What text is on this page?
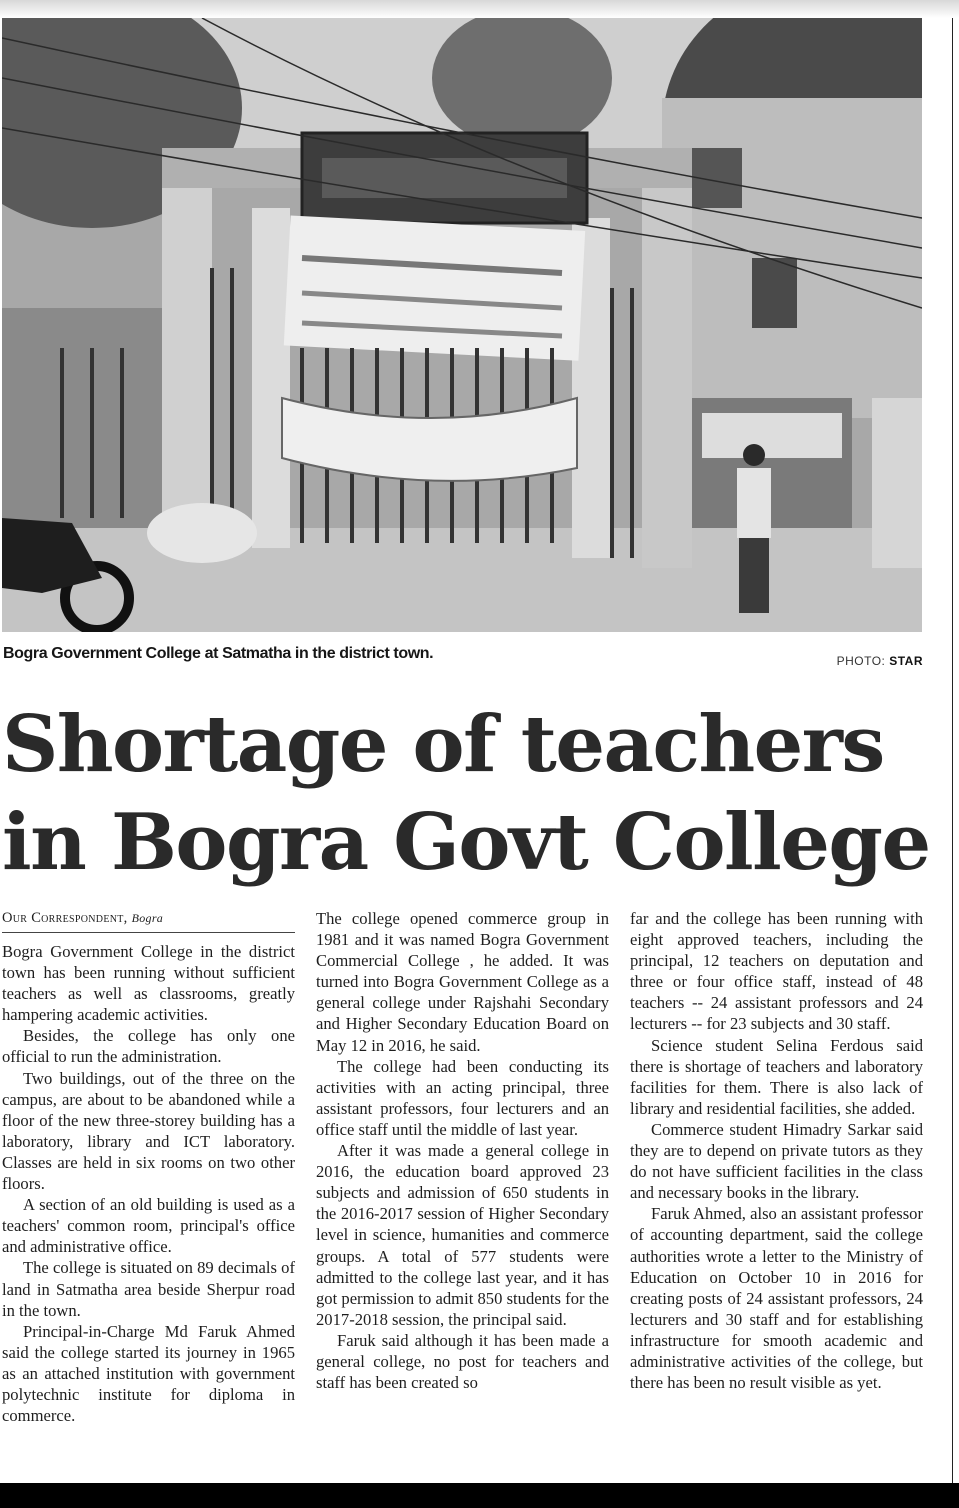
Bogra Government College at Satmatha in the district town.	PHOTO: STAR
Shortage of teachers in Bogra Govt College
Our Correspondent, Bogra

Bogra Government College in the district town has been running without sufficient teachers as well as classrooms, greatly hampering academic activities.

Besides, the college has only one official to run the administration.

Two buildings, out of the three on the campus, are about to be abandoned while a floor of the new three-storey building has a laboratory, library and ICT laboratory. Classes are held in six rooms on two other floors.

A section of an old building is used as a teachers' common room, principal's office and administrative office.

The college is situated on 89 decimals of land in Satmatha area beside Sherpur road in the town.

Principal-in-Charge Md Faruk Ahmed said the college started its journey in 1965 as an attached institution with government polytechnic institute for diploma in commerce.

The college opened commerce group in 1981 and it was named Bogra Government Commercial College , he added. It was turned into Bogra Government College as a general college under Rajshahi Secondary and Higher Secondary Education Board on May 12 in 2016, he said.

The college had been conducting its activities with an acting principal, three assistant professors, four lecturers and an office staff until the middle of last year.

After it was made a general college in 2016, the education board approved 23 subjects and admission of 650 students in the 2016-2017 session of Higher Secondary level in science, humanities and commerce groups. A total of 577 students were admitted to the college last year, and it has got permission to admit 850 students for the 2017-2018 session, the principal said.

Faruk said although it has been made a general college, no post for teachers and staff has been created so

far and the college has been running with eight approved teachers, including the principal, 12 teachers on deputation and three or four office staff, instead of 48 teachers -- 24 assistant professors and 24 lecturers -- for 23 subjects and 30 staff.

Science student Selina Ferdous said there is shortage of teachers and laboratory facilities for them. There is also lack of library and residential facilities, she added.

Commerce student Himadry Sarkar said they are to depend on private tutors as they do not have sufficient facilities in the class and necessary books in the library.

Faruk Ahmed, also an assistant professor of accounting department, said the college authorities wrote a letter to the Ministry of Education on October 10 in 2016 for creating posts of 24 assistant professors, 24 lecturers and 30 staff and for establishing infrastructure for smooth academic and administrative activities of the college, but there has been no result visible as yet.
